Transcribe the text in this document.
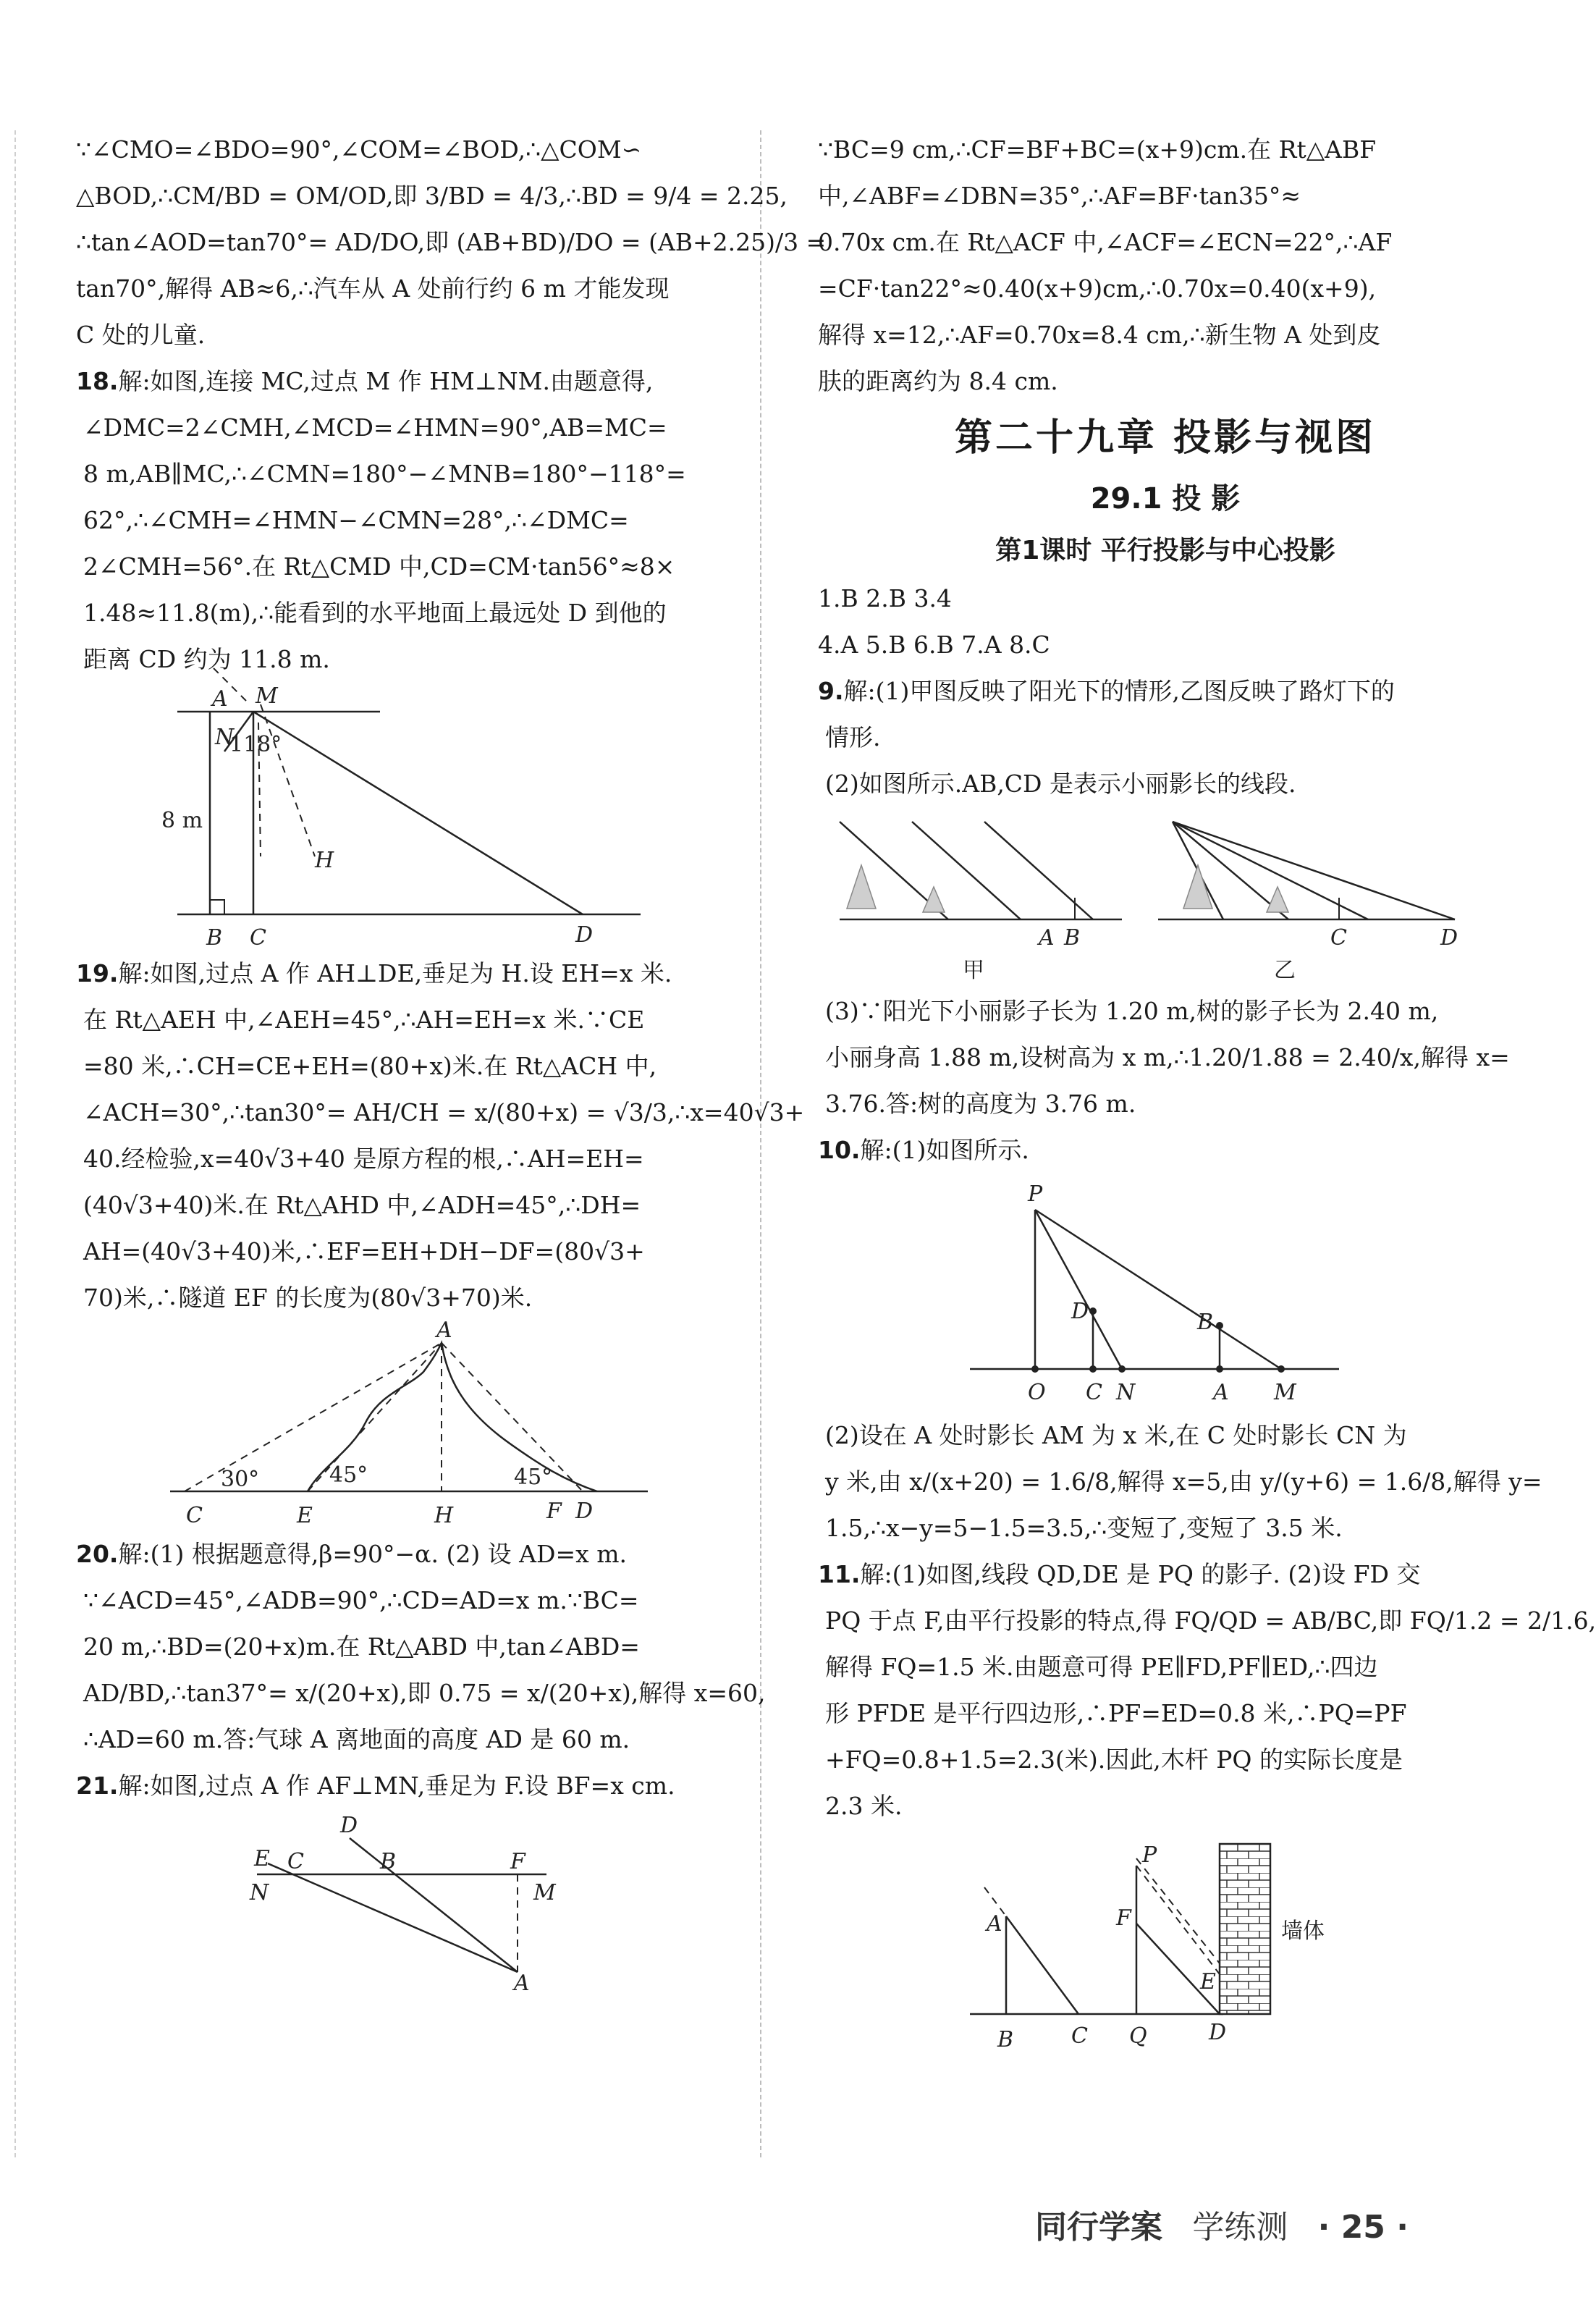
∵∠CMO=∠BDO=90°,∠COM=∠BOD,∴△COM∽
△BOD,∴CM/BD = OM/OD,即 3/BD = 4/3,∴BD = 9/4 = 2.25,
∴tan∠AOD=tan70°= AD/DO,即 (AB+BD)/DO = (AB+2.25)/3 =
tan70°,解得 AB≈6,∴汽车从 A 处前行约 6 m 才能发现
C 处的儿童.
18.解:如图,连接 MC,过点 M 作 HM⊥NM.由题意得,
∠DMC=2∠CMH,∠MCD=∠HMN=90°,AB=MC=
8 m,AB∥MC,∴∠CMN=180°−∠MNB=180°−118°=
62°,∴∠CMH=∠HMN−∠CMN=28°,∴∠DMC=
2∠CMH=56°.在 Rt△CMD 中,CD=CM·tan56°≈8×
1.48≈11.8(m),∴能看到的水平地面上最远处 D 到他的
距离 CD 约为 11.8 m.
A M
N
118°
8 m
H
B C	D
19.解:如图,过点 A 作 AH⊥DE,垂足为 H.设 EH=x 米.
在 Rt△AEH 中,∠AEH=45°,∴AH=EH=x 米.∵CE
=80 米,∴CH=CE+EH=(80+x)米.在 Rt△ACH 中,
∠ACH=30°,∴tan30°= AH/CH = x/(80+x) = √3/3,∴x=40√3+
40.经检验,x=40√3+40 是原方程的根,∴AH=EH=
(40√3+40)米.在 Rt△AHD 中,∠ADH=45°,∴DH=
AH=(40√3+40)米,∴EF=EH+DH−DF=(80√3+
70)米,∴隧道 EF 的长度为(80√3+70)米.
A
C	E	H	F D
30°	45°	45°
20.解:(1) 根据题意得,β=90°−α. (2) 设 AD=x m.
∵∠ACD=45°,∠ADB=90°,∴CD=AD=x m.∵BC=
20 m,∴BD=(20+x)m.在 Rt△ABD 中,tan∠ABD=
AD/BD,∴tan37°= x/(20+x),即 0.75 = x/(20+x),解得 x=60,
∴AD=60 m.答:气球 A 离地面的高度 AD 是 60 m.
21.解:如图,过点 A 作 AF⊥MN,垂足为 F.设 BF=x cm.
E C
D
B	F
N	M
A
∵BC=9 cm,∴CF=BF+BC=(x+9)cm.在 Rt△ABF
中,∠ABF=∠DBN=35°,∴AF=BF·tan35°≈
0.70x cm.在 Rt△ACF 中,∠ACF=∠ECN=22°,∴AF
=CF·tan22°≈0.40(x+9)cm,∴0.70x=0.40(x+9),
解得 x=12,∴AF=0.70x=8.4 cm,∴新生物 A 处到皮
肤的距离约为 8.4 cm.
第二十九章 投影与视图
29.1 投 影
第1课时 平行投影与中心投影
1.B 2.B 3.4
4.A 5.B 6.B 7.A 8.C
9.解:(1)甲图反映了阳光下的情形,乙图反映了路灯下的
情形.
(2)如图所示.AB,CD 是表示小丽影长的线段.
A B	C	D
甲	乙
(3)∵阳光下小丽影子长为 1.20 m,树的影子长为 2.40 m,
小丽身高 1.88 m,设树高为 x m,∴1.20/1.88 = 2.40/x,解得 x=
3.76.答:树的高度为 3.76 m.
10.解:(1)如图所示.
P
D	B
O C N	A M
(2)设在 A 处时影长 AM 为 x 米,在 C 处时影长 CN 为
y 米,由 x/(x+20) = 1.6/8,解得 x=5,由 y/(y+6) = 1.6/8,解得 y=
1.5,∴x−y=5−1.5=3.5,∴变短了,变短了 3.5 米.
11.解:(1)如图,线段 QD,DE 是 PQ 的影子. (2)设 FD 交
PQ 于点 F,由平行投影的特点,得 FQ/QD = AB/BC,即 FQ/1.2 = 2/1.6,
解得 FQ=1.5 米.由题意可得 PE∥FD,PF∥ED,∴四边
形 PFDE 是平行四边形,∴PF=ED=0.8 米,∴PQ=PF
+FQ=0.8+1.5=2.3(米).因此,木杆 PQ 的实际长度是
2.3 米.
A
B	C
P
F
Q
E
D
墙体
同行学案 学练测 · 25 ·
